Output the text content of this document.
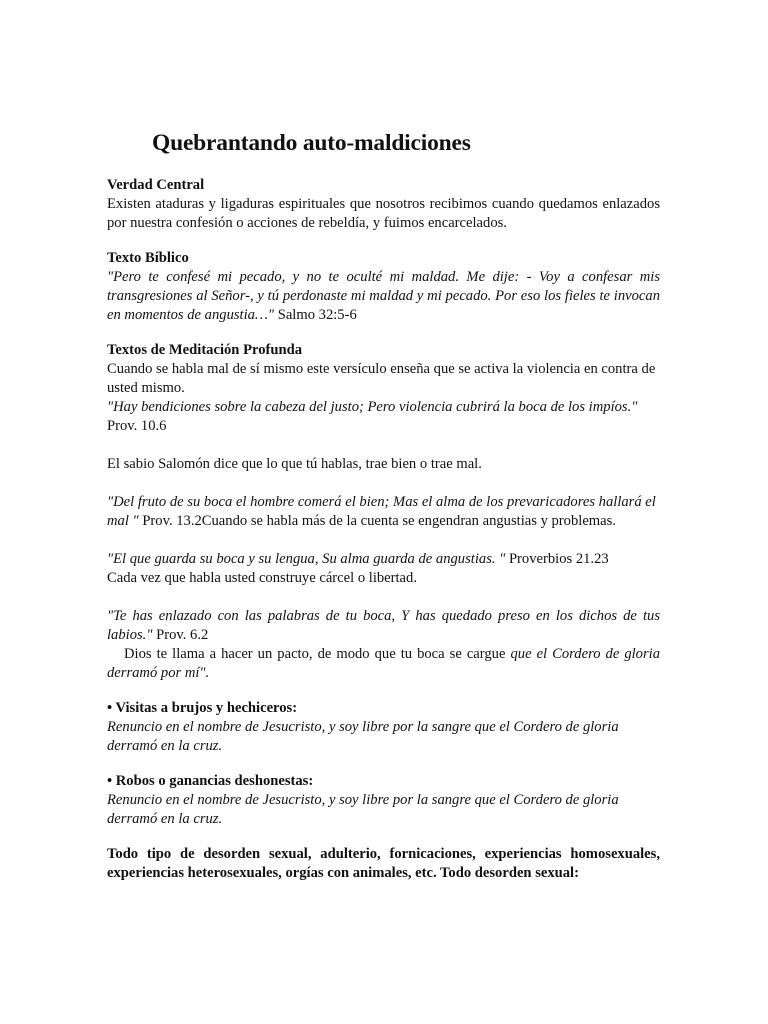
Quebrantando auto-maldiciones
Verdad Central

Existen ataduras y ligaduras espirituales que nosotros recibimos cuando quedamos enlazados por nuestra confesión o acciones de rebeldía, y fuimos encarcelados.

Texto Bíblico

"Pero te confesé mi pecado, y no te oculté mi maldad. Me dije: - Voy a confesar mis transgresiones al Señor-, y tú perdonaste mi maldad y mi pecado. Por eso los fieles te invocan en momentos de angustia…" Salmo 32:5-6

Textos de Meditación Profunda

Cuando se habla mal de sí mismo este versículo enseña que se activa la violencia en contra de usted mismo.

"Hay bendiciones sobre la cabeza del justo; Pero violencia cubrirá la boca de los impíos."

Prov. 10.6

El sabio Salomón dice que lo que tú hablas, trae bien o trae mal.

"Del fruto de su boca el hombre comerá el bien; Mas el alma de los prevaricadores hallará el mal " Prov. 13.2Cuando se habla más de la cuenta se engendran angustias y problemas.

"El que guarda su boca y su lengua, Su alma guarda de angustias. " Proverbios 21.23

Cada vez que habla usted construye cárcel o libertad.

"Te has enlazado con las palabras de tu boca, Y has quedado preso en los dichos de tus labios." Prov. 6.2

Dios te llama a hacer un pacto, de modo que tu boca se cargue que el Cordero de gloria derramó por mí".

• Visitas a brujos y hechiceros:

Renuncio en el nombre de Jesucristo, y soy libre por la sangre que el Cordero de gloria derramó en la cruz.

• Robos o ganancias deshonestas:

Renuncio en el nombre de Jesucristo, y soy libre por la sangre que el Cordero de gloria derramó en la cruz.

Todo tipo de desorden sexual, adulterio, fornicaciones, experiencias homosexuales, experiencias heterosexuales, orgías con animales, etc. Todo desorden sexual:
